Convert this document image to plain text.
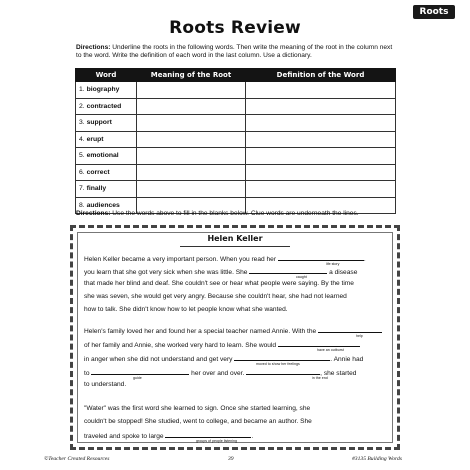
Roots Review
Roots
Directions: Underline the roots in the following words. Then write the meaning of the root in the column next to the word. Write the definition of each word in the last column. Use a dictionary.
Word	Meaning of the Root	Definition of the Word
1. biography		
2. contracted		
3. support		
4. erupt		
5. emotional		
6. correct		
7. finally		
8. audiences		
Directions: Use the words above to fill in the blanks below. Clue words are underneath the lines.
Helen Keller
Helen Keller became a very important person. When you read her	.
life story
you learn that she got very sick when she was little. She	a disease
caught
that made her blind and deaf. She couldn't see or hear what people were saying. By the time
she was seven, she would get very angry. Because she couldn't hear, she had not learned
how to talk. She didn't know how to let people know what she wanted.
Helen's family loved her and found her a special teacher named Annie. With the
help
of her family and Annie, she worked very hard to learn. She would
have an outburst
in anger when she did not understand and get very	. Annie had
moved to show her feelings
to	her over and over.	, she started
guide	in the end
to understand.
"Water" was the first word she learned to sign. Once she started learning, she
couldn't be stopped! She studied, went to college, and became an author. She
traveled and spoke to large	.
groups of people listening
©Teacher Created Resources	39	#3135 Building Words
